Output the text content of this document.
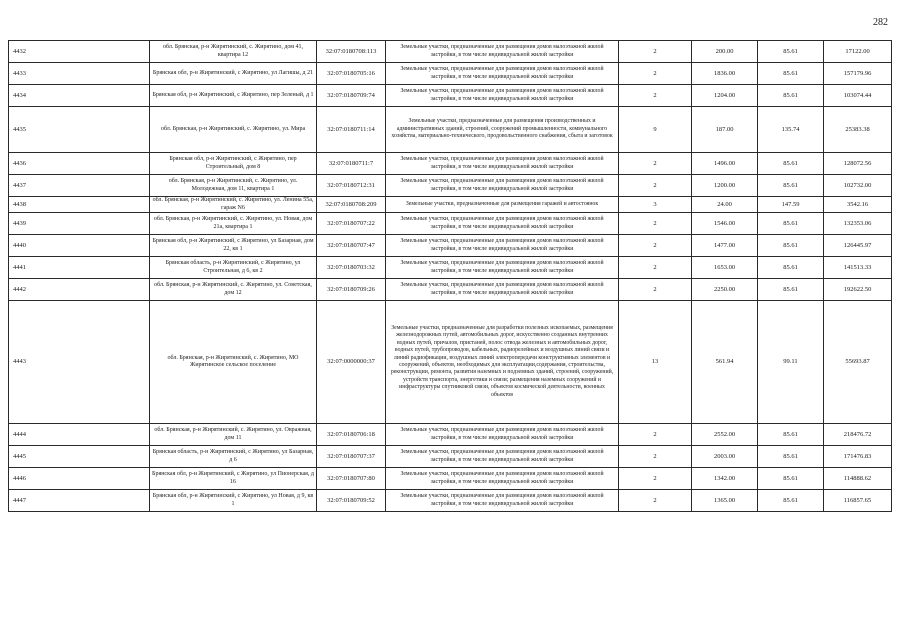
282
4432	обл. Брянская, р-н Жирятинский, с. Жирятино, дом 41, квартира 12	32:07:0180708:113	Земельные участки, предназначенные для размещения домов малоэтажной жилой застройки, в том числе индивидуальной жилой застройки	2	200.00	85.61	17122.00
4433	Брянская обл, р-н Жирятинский, с Жирятино, ул Лагишы, д 21	32:07:0180705:16	Земельные участки, предназначенные для размещения домов малоэтажной жилой застройки, в том числе индивидуальной жилой застройки	2	1836.00	85.61	157179.96
4434	Брянская обл, р-н Жирятинский, с Жирятино, пер Зеленый, д 1	32:07:0180709:74	Земельные участки, предназначенные для размещения домов малоэтажной жилой застройки, в том числе индивидуальной жилой застройки	2	1204.00	85.61	103074.44
4435	обл. Брянская, р-н Жирятинский, с. Жирятино, ул. Мира	32:07:0180711:14	Земельные участки, предназначенные для размещения производственных и административных зданий, строений, сооружений промышленности, коммунального хозяйства, материально-технического, продовольственного снабжения, сбыта и заготовок	9	187.00	135.74	25383.38
4436	Брянская обл, р-н Жирятинский, с Жирятино, пер Строительный, дом 8	32:07:0180711:7	Земельные участки, предназначенные для размещения домов малоэтажной жилой застройки, в том числе индивидуальной жилой застройки	2	1496.00	85.61	128072.56
4437	обл. Брянская, р-н Жирятинский, с. Жирятино, ул. Молодежная, дом 11, квартира 1	32:07:0180712:31	Земельные участки, предназначенные для размещения домов малоэтажной жилой застройки, в том числе индивидуальной жилой застройки	2	1200.00	85.61	102732.00
4438	обл. Брянская, р-н Жирятинский, с. Жирятино, ул. Ленина 55а, гараж N6	32:07:0180708:209	Земельные участки, предназначенные для размещения гаражей и автостоянок	3	24.00	147.59	3542.16
4439	обл. Брянская, р-н Жирятинский, с. Жирятино, ул. Новая, дом 21а, квартира 1	32:07:0180707:22	Земельные участки, предназначенные для размещения домов малоэтажной жилой застройки, в том числе индивидуальной жилой застройки	2	1546.00	85.61	132353.06
4440	Брянская обл, р-н Жирятинский, с Жирятино, ул Базарная, дом 22, кв 1	32:07:0180707:47	Земельные участки, предназначенные для размещения домов малоэтажной жилой застройки, в том числе индивидуальной жилой застройки	2	1477.00	85.61	126445.97
4441	Брянская область, р-н Жирятинский, с Жирятино, ул Строительная, д 6, кв 2	32:07:0180703:32	Земельные участки, предназначенные для размещения домов малоэтажной жилой застройки, в том числе индивидуальной жилой застройки	2	1653.00	85.61	141513.33
4442	обл. Брянская, р-н Жирятинский, с. Жирятино, ул. Советская, дом 12	32:07:0180709:26	Земельные участки, предназначенные для размещения домов малоэтажной жилой застройки, в том числе индивидуальной жилой застройки	2	2250.00	85.61	192622.50
4443	обл. Брянская, р-н Жирятинский, с. Жирятино, МО Жирятинское сельское поселение	32:07:0000000:37	Земельные участки, предназначенные для разработки полезных ископаемых, размещения железнодорожных путей, автомобильных дорог, искусственно созданных внутренних водных путей, причалов, пристаней, полос отвода железных и автомобильных дорог, водных путей, трубопроводов, кабельных, радиорелейных и воздушных линий связи и линий радиофикации, воздушных линий электропередачи конструктивных элементов и сооружений, объектов, необходимых для эксплуатации,содержания, строительства, реконструкции, ремонта, развития наземных и подземных зданий, строений, сооружений, устройств транспорта, энергетики и связи; размещения наземных сооружений и инфраструктуры спутниковой связи, объектов космической деятельности, военных объектов	13	561.94	99.11	55693.87
4444	обл. Брянская, р-н Жирятинский, с. Жирятино, ул. Овражная, дом 11	32:07:0180706:18	Земельные участки, предназначенные для размещения домов малоэтажной жилой застройки, в том числе индивидуальной жилой застройки	2	2552.00	85.61	218476.72
4445	Брянская область, р-н Жирятинский, с Жирятино, ул Базарная, д 6	32:07:0180707:37	Земельные участки, предназначенные для размещения домов малоэтажной жилой застройки, в том числе индивидуальной жилой застройки	2	2003.00	85.61	171476.83
4446	Брянская обл, р-н Жирятинский, с Жирятино, ул Пионерская, д 16	32:07:0180707:80	Земельные участки, предназначенные для размещения домов малоэтажной жилой застройки, в том числе индивидуальной жилой застройки	2	1342.00	85.61	114888.62
4447	Брянская обл, р-н Жирятинский, с Жирятино, ул Новая, д 9, кв 1	32:07:0180709:52	Земельные участки, предназначенные для размещения домов малоэтажной жилой застройки, в том числе индивидуальной жилой застройки	2	1365.00	85.61	116857.65
